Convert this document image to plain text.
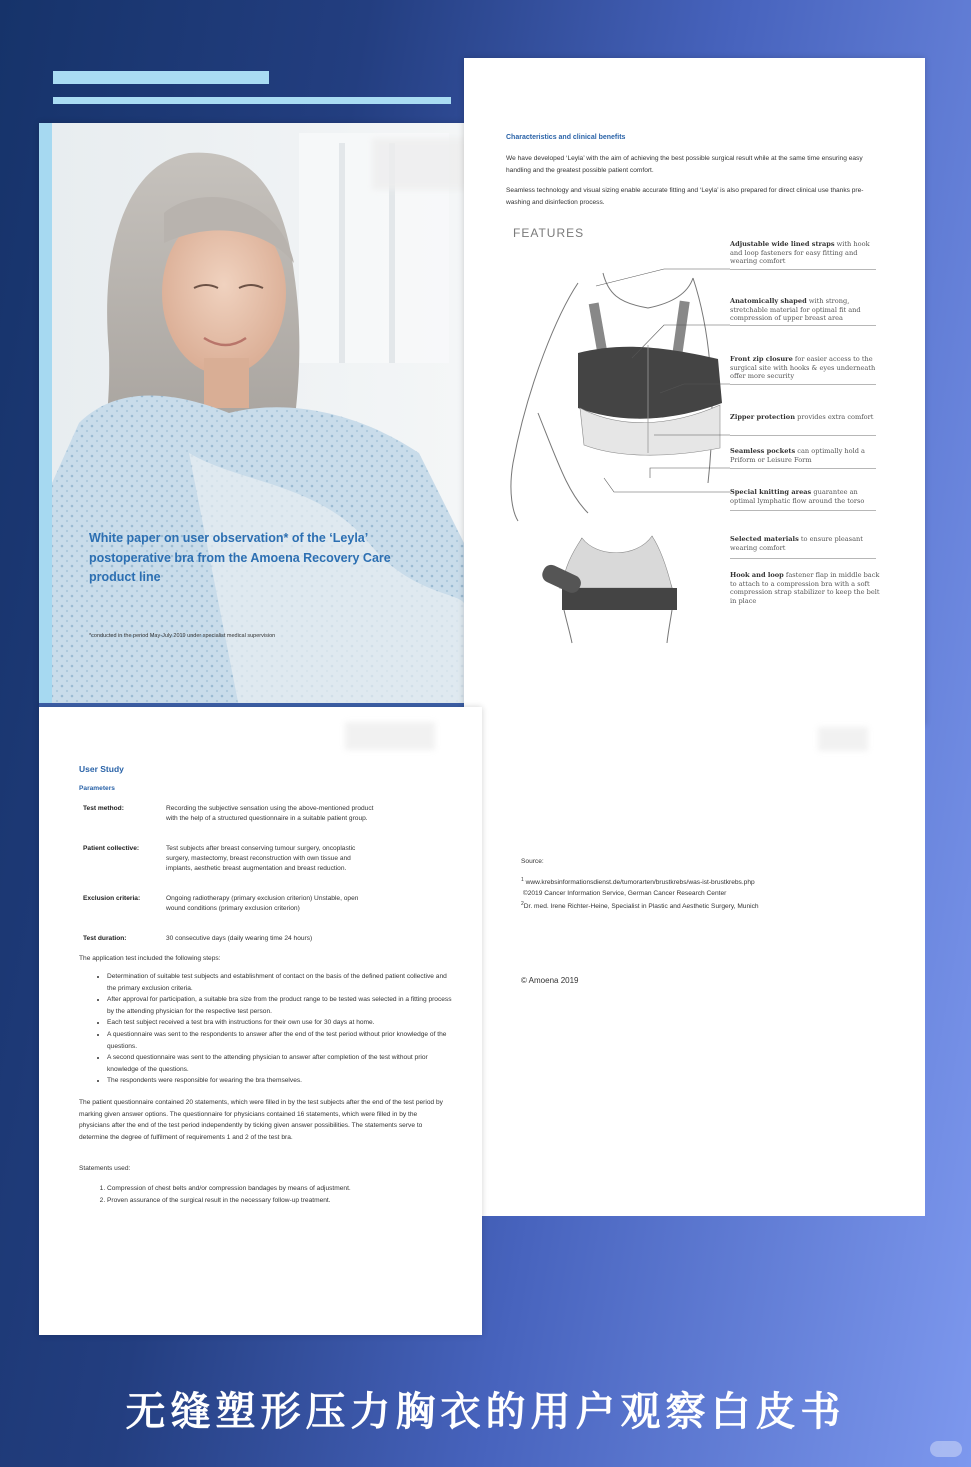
White paper on user observation* of the ‘Leyla’ postoperative bra from the Amoena Recovery Care product line
*conducted in the period May-July 2019 under specialist medical supervision
Characteristics and clinical benefits
We have developed ‘Leyla’ with the aim of achieving the best possible surgical result while at the same time ensuring easy handling and the greatest possible patient comfort.
Seamless technology and visual sizing enable accurate fitting and ‘Leyla’ is also prepared for direct clinical use thanks pre-washing and disinfection process.
FEATURES
Adjustable wide lined straps with hook and loop fasteners for easy fitting and wearing comfort
Anatomically shaped with strong, stretchable material for optimal fit and compression of upper breast area
Front zip closure for easier access to the surgical site with hooks & eyes underneath offer more security
Zipper protection provides extra comfort
Seamless pockets can optimally hold a Priform or Leisure Form
Special knitting areas guarantee an optimal lymphatic flow around the torso
Selected materials to ensure pleasant wearing comfort
Hook and loop fastener flap in middle back to attach to a compression bra with a soft compression strap stabilizer to keep the belt in place
Source:
$^1$ www.krebsinformationsdienst.de/tumorarten/brustkrebs/was-ist-brustkrebs.php
©2019 Cancer Information Service, German Cancer Research Center
$^2$Dr. med. Irene Richter-Heine, Specialist in Plastic and Aesthetic Surgery, Munich
© Amoena 2019
User Study
Parameters
Test method:	Recording the subjective sensation using the above-mentioned product with the help of a structured questionnaire in a suitable patient group.
Patient collective:	Test subjects after breast conserving tumour surgery, oncoplastic surgery, mastectomy, breast reconstruction with own tissue and implants, aesthetic breast augmentation and breast reduction.
Exclusion criteria:	Ongoing radiotherapy (primary exclusion criterion) Unstable, open wound conditions (primary exclusion criterion)
Test duration:	30 consecutive days (daily wearing time 24 hours)
The application test included the following steps:
• Determination of suitable test subjects and establishment of contact on the basis of the defined patient collective and the primary exclusion criteria.
• After approval for participation, a suitable bra size from the product range to be tested was selected in a fitting process by the attending physician for the respective test person.
• Each test subject received a test bra with instructions for their own use for 30 days at home.
• A questionnaire was sent to the respondents to answer after the end of the test period without prior knowledge of the questions.
• A second questionnaire was sent to the attending physician to answer after completion of the test without prior knowledge of the questions.
• The respondents were responsible for wearing the bra themselves.
The patient questionnaire contained 20 statements, which were filled in by the test subjects after the end of the test period by marking given answer options. The questionnaire for physicians contained 16 statements, which were filled in by the physicians after the end of the test period independently by ticking given answer possibilities. The statements serve to determine the degree of fulfilment of requirements 1 and 2 of the test bra.
Statements used:
1. Compression of chest belts and/or compression bandages by means of adjustment.
2. Proven assurance of the surgical result in the necessary follow-up treatment.
无缝塑形压力胸衣的用户观察白皮书
